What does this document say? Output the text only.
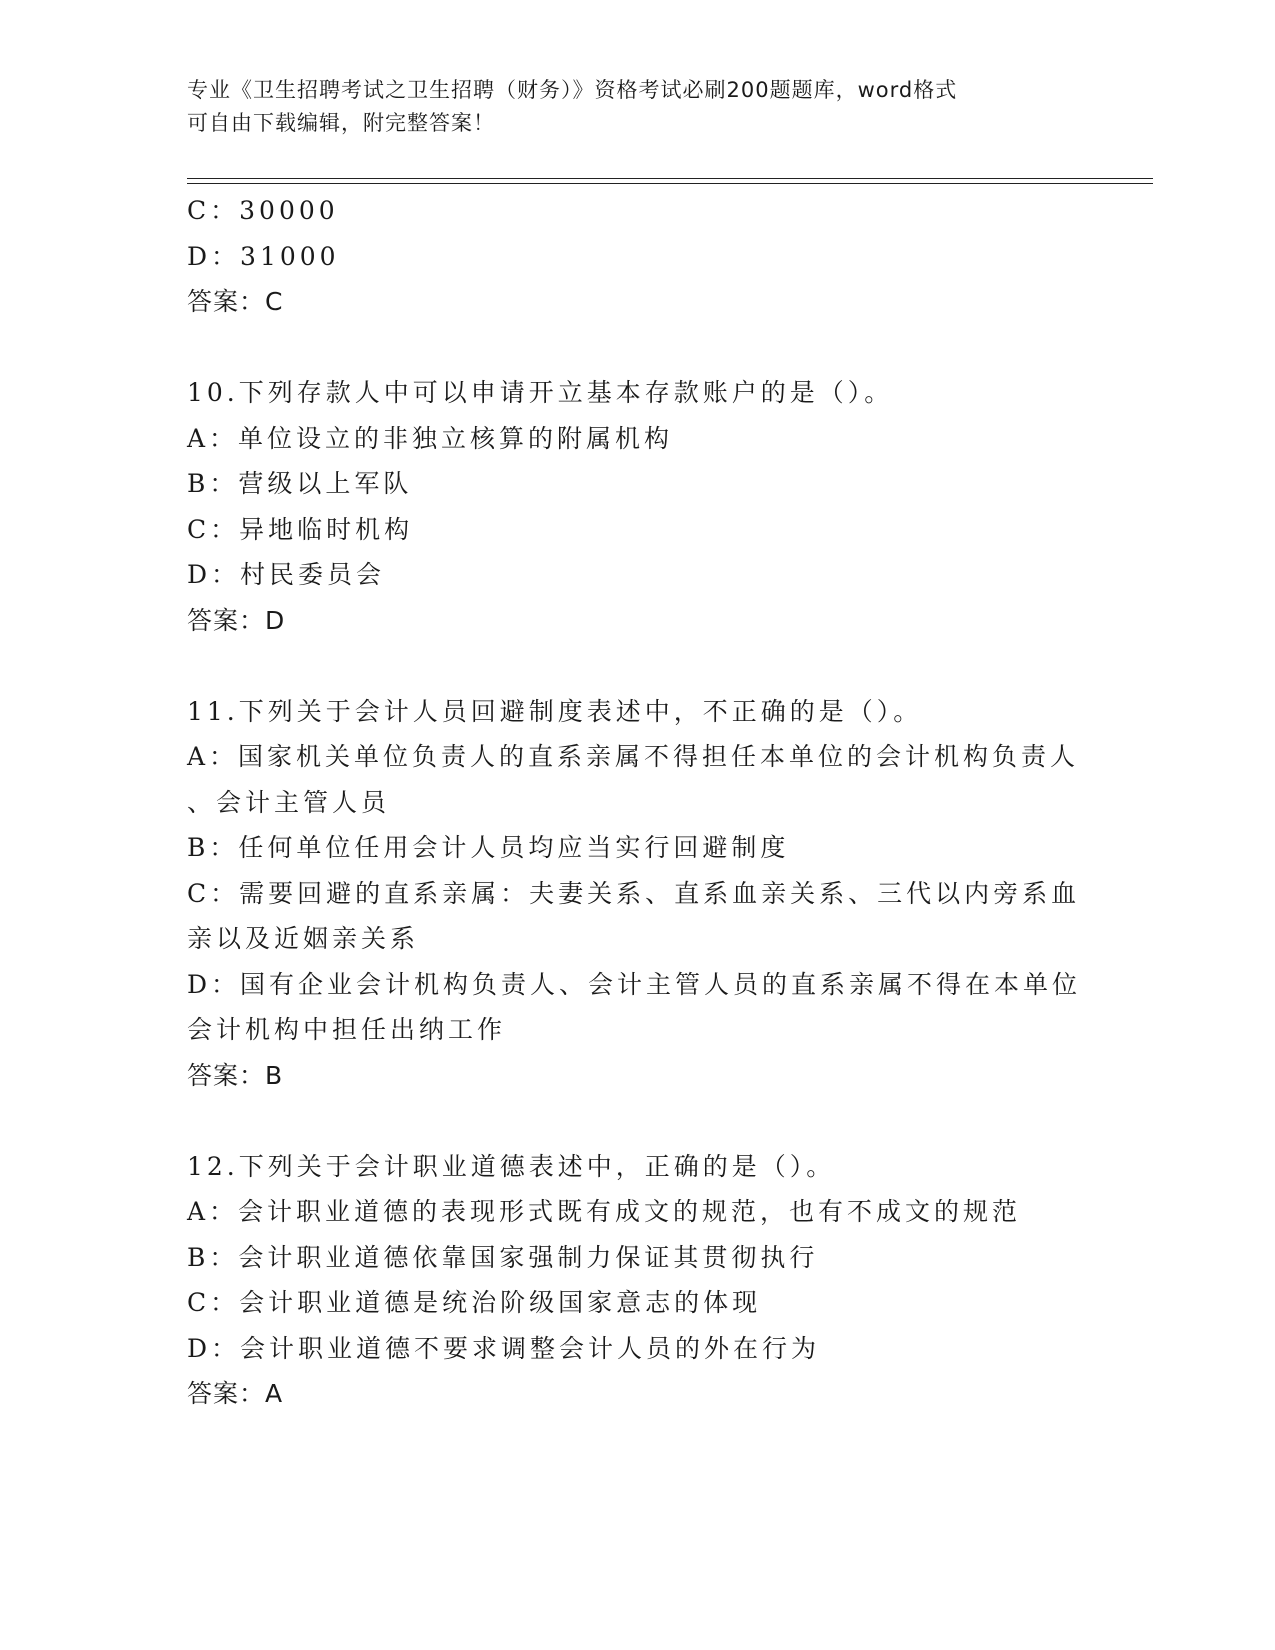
专业《卫生招聘考试之卫生招聘（财务）》资格考试必刷200题题库，word格式
可自由下载编辑，附完整答案！
C：30000
D：31000
答案：C
10.下列存款人中可以申请开立基本存款账户的是（）。
A：单位设立的非独立核算的附属机构
B：营级以上军队
C：异地临时机构
D：村民委员会
答案：D
11.下列关于会计人员回避制度表述中，不正确的是（）。
A：国家机关单位负责人的直系亲属不得担任本单位的会计机构负责人
、会计主管人员
B：任何单位任用会计人员均应当实行回避制度
C：需要回避的直系亲属：夫妻关系、直系血亲关系、三代以内旁系血
亲以及近姻亲关系
D：国有企业会计机构负责人、会计主管人员的直系亲属不得在本单位
会计机构中担任出纳工作
答案：B
12.下列关于会计职业道德表述中，正确的是（）。
A：会计职业道德的表现形式既有成文的规范，也有不成文的规范
B：会计职业道德依靠国家强制力保证其贯彻执行
C：会计职业道德是统治阶级国家意志的体现
D：会计职业道德不要求调整会计人员的外在行为
答案：A
